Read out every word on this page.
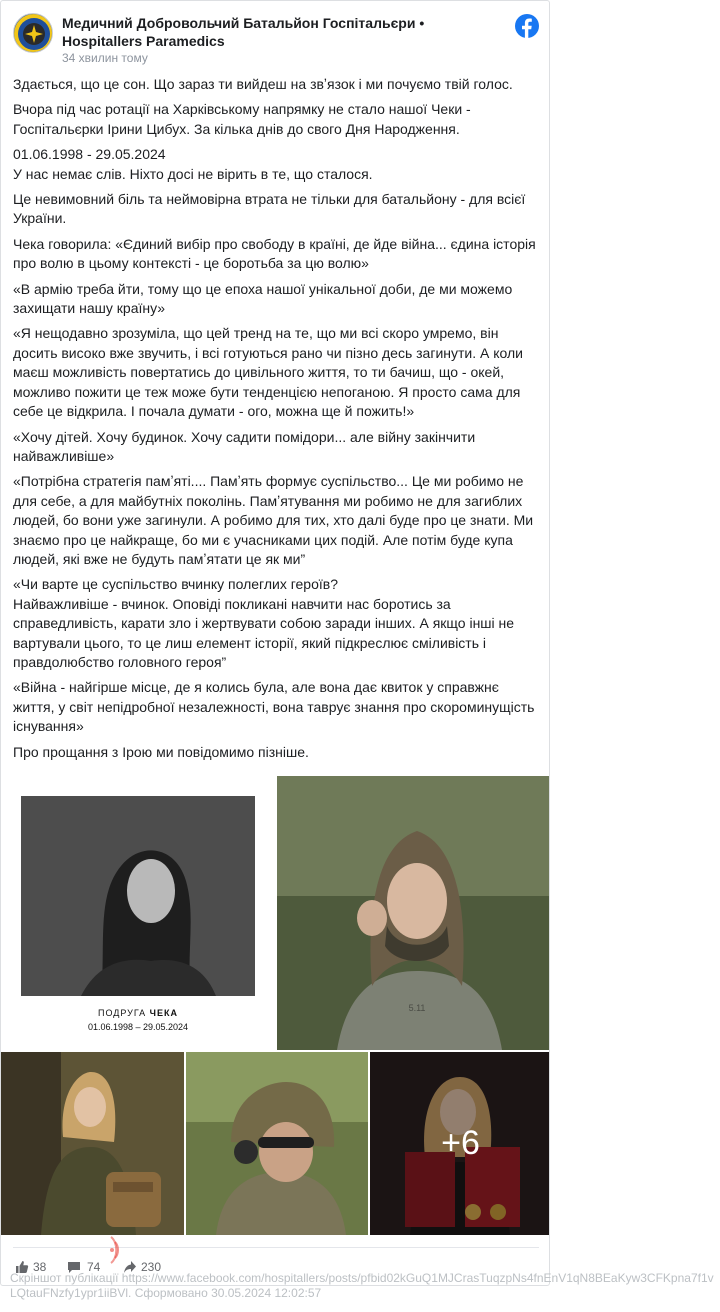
Медичний Добровольчий Батальйон Госпітальєри • Hospitallers Paramedics
34 хвилин тому

Здається, що це сон. Що зараз ти вийдеш на звʼязок і ми почуємо твій голос.

Вчора під час ротації на Харківському напрямку не стало нашої Чеки - Госпітальєрки Ірини Цибух. За кілька днів до свого Дня Народження.

01.06.1998 - 29.05.2024
У нас немає слів. Ніхто досі не вірить в те, що сталося.

Це невимовний біль та неймовірна втрата не тільки для батальйону - для всієї України.

Чека говорила: «Єдиний вибір про свободу в країні, де йде війна... єдина історія про волю в цьому контексті - це боротьба за цю волю»

«В армію треба йти, тому що це епоха нашої унікальної доби, де ми можемо захищати нашу країну»

«Я нещодавно зрозуміла, що цей тренд на те, що ми всі скоро умремо, він досить високо вже звучить, і всі готуються рано чи пізно десь загинути. А коли маєш можливість повертатись до цивільного життя, то ти бачиш, що - окей, можливо пожити це теж може бути тенденцією непоганою. Я просто сама для себе це відкрила. І почала думати - ого, можна ще й пожить!»

«Хочу дітей. Хочу будинок. Хочу садити помідори... але війну закінчити найважливіше»

«Потрібна стратегія памʼяті.... Памʼять формує суспільство... Це ми робимо не для себе, а для майбутніх поколінь. Памʼятування ми робимо не для загиблих людей, бо вони уже загинули. А робимо для тих, хто далі буде про це знати. Ми знаємо про це найкраще, бо ми є учасниками цих подій. Але потім буде купа людей, які вже не будуть памʼятати це як ми”

«Чи варте це суспільство вчинку полеглих героїв?
Найважливіше - вчинок. Оповіді покликані навчити нас боротись за справедливість, карати зло і жертвувати собою заради інших. А якщо інші не вартували цього, то це лиш елемент історії, який підкреслює сміливість і правдолюбство головного героя”

«Війна - найгірше місце, де я колись була, але вона дає квиток у справжнє життя, у світ непідробної незалежності, вона таврує знання про скороминущість існування»

Про прощання з Ірою ми повідомимо пізніше.

ПОДРУГА ЧЕКА
01.06.1998 – 29.05.2024
5.11
+6
38	74	230
Скріншот публікації https://www.facebook.com/hospitallers/posts/pfbid02kGuQ1MJCrasTuqzpNs4fnEnV1qN8BEaKyw3CFKpna7f1vLQtauFNzfy1ypr1iiBVl. Сформовано 30.05.2024 12:02:57
